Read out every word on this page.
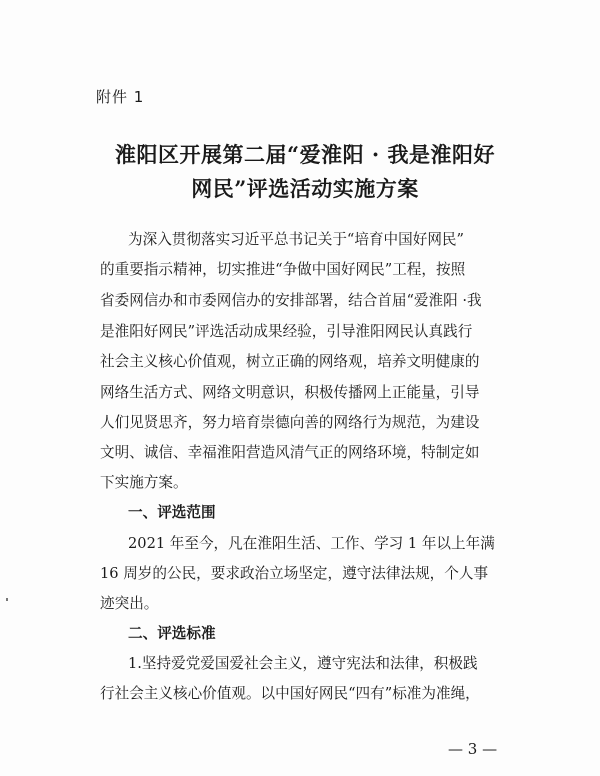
附件 1
淮阳区开展第二届“爱淮阳 · 我是淮阳好
网民”评选活动实施方案
为深入贯彻落实习近平总书记关于“培育中国好网民”
的重要指示精神，切实推进“争做中国好网民”工程，按照
省委网信办和市委网信办的安排部署，结合首届“爱淮阳 ·我
是淮阳好网民”评选活动成果经验，引导淮阳网民认真践行
社会主义核心价值观，树立正确的网络观，培养文明健康的
网络生活方式、网络文明意识，积极传播网上正能量，引导
人们见贤思齐，努力培育崇德向善的网络行为规范，为建设
文明、诚信、幸福淮阳营造风清气正的网络环境，特制定如
下实施方案。
一、评选范围
2021 年至今，凡在淮阳生活、工作、学习 1 年以上年满
16 周岁的公民，要求政治立场坚定，遵守法律法规，个人事
迹突出。
二、评选标准
1.坚持爱党爱国爱社会主义，遵守宪法和法律，积极践
行社会主义核心价值观。以中国好网民“四有”标准为准绳，
— 3 —
